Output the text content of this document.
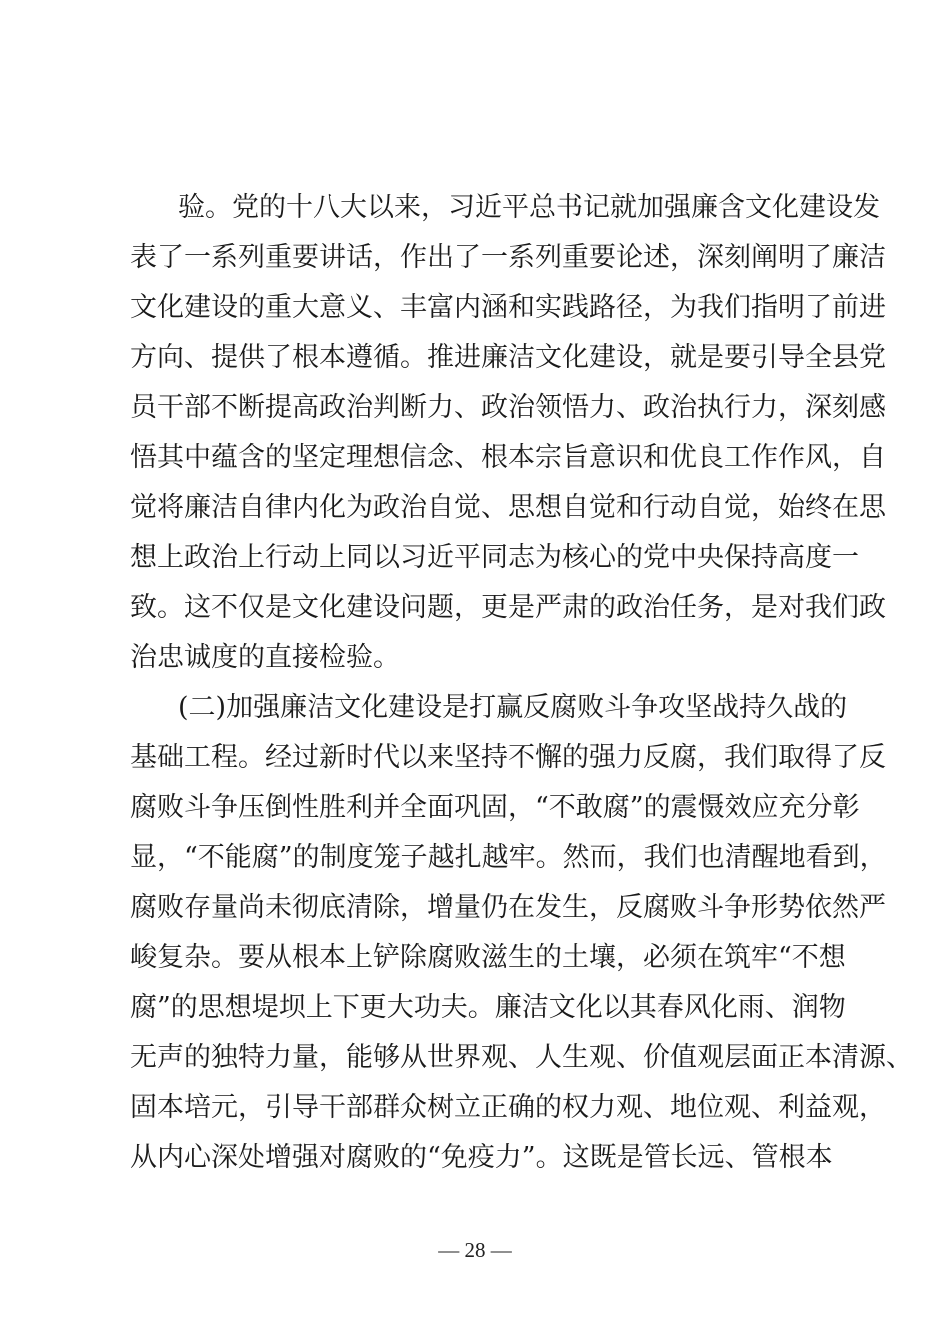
验。党的十八大以来，习近平总书记就加强廉含文化建设发
表了一系列重要讲话，作出了一系列重要论述，深刻阐明了廉洁
文化建设的重大意义、丰富内涵和实践路径，为我们指明了前进
方向、提供了根本遵循。推进廉洁文化建设，就是要引导全县党
员干部不断提高政治判断力、政治领悟力、政治执行力，深刻感
悟其中蕴含的坚定理想信念、根本宗旨意识和优良工作作风，自
觉将廉洁自律内化为政治自觉、思想自觉和行动自觉，始终在思
想上政治上行动上同以习近平同志为核心的党中央保持高度一
致。这不仅是文化建设问题，更是严肃的政治任务，是对我们政
治忠诚度的直接检验。
(二)加强廉洁文化建设是打赢反腐败斗争攻坚战持久战的
基础工程。经过新时代以来坚持不懈的强力反腐，我们取得了反
腐败斗争压倒性胜利并全面巩固，“不敢腐”的震慑效应充分彰
显，“不能腐”的制度笼子越扎越牢。然而，我们也清醒地看到，
腐败存量尚未彻底清除，增量仍在发生，反腐败斗争形势依然严
峻复杂。要从根本上铲除腐败滋生的土壤，必须在筑牢“不想
腐”的思想堤坝上下更大功夫。廉洁文化以其春风化雨、润物
无声的独特力量，能够从世界观、人生观、价值观层面正本清源、
固本培元，引导干部群众树立正确的权力观、地位观、利益观，
从内心深处增强对腐败的“免疫力”。这既是管长远、管根本
— 28 —
